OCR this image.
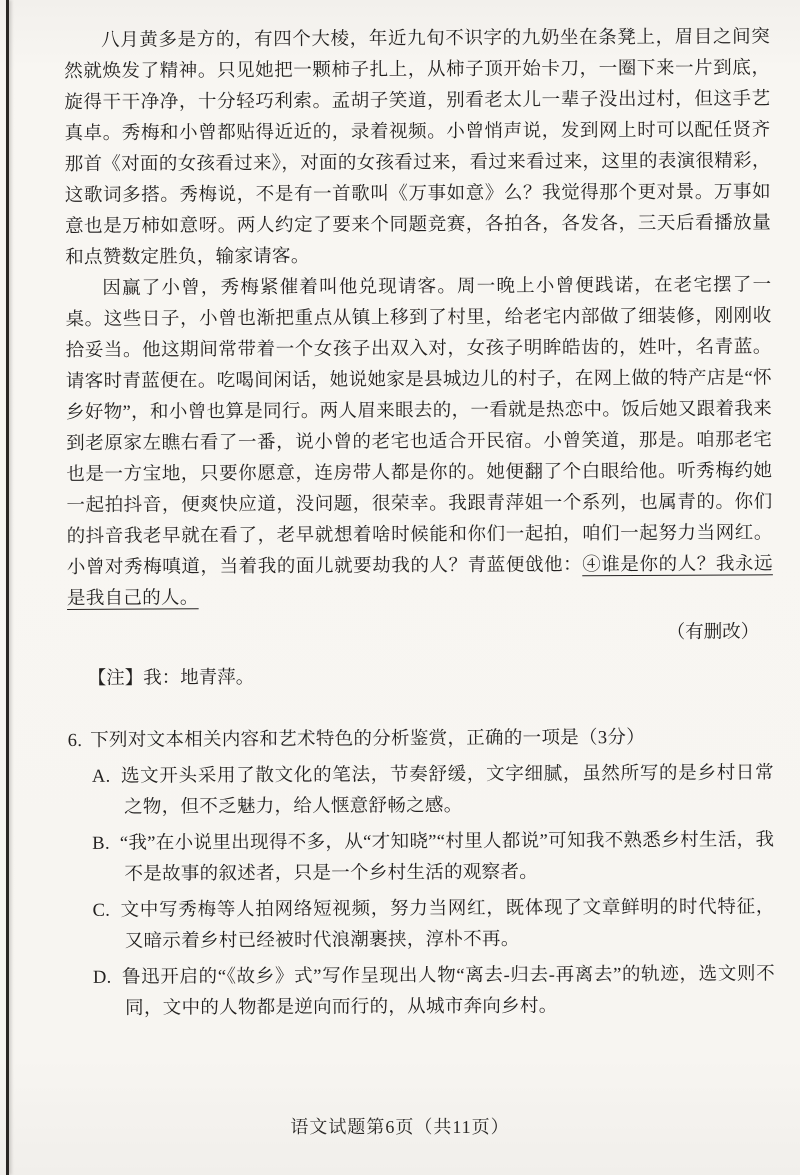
八月黄多是方的，有四个大棱，年近九旬不识字的九奶坐在条凳上，眉目之间突然就焕发了精神。只见她把一颗柿子扎上，从柿子顶开始卡刀，一圈下来一片到底，旋得干干净净，十分轻巧利索。孟胡子笑道，别看老太儿一辈子没出过村，但这手艺真卓。秀梅和小曾都贴得近近的，录着视频。小曾悄声说，发到网上时可以配任贤齐那首《对面的女孩看过来》，对面的女孩看过来，看过来看过来，这里的表演很精彩，这歌词多搭。秀梅说，不是有一首歌叫《万事如意》么？我觉得那个更对景。万事如意也是万柿如意呀。两人约定了要来个同题竞赛，各拍各，各发各，三天后看播放量和点赞数定胜负，输家请客。

因赢了小曾，秀梅紧催着叫他兑现请客。周一晚上小曾便践诺，在老宅摆了一桌。这些日子，小曾也渐把重点从镇上移到了村里，给老宅内部做了细装修，刚刚收拾妥当。他这期间常带着一个女孩子出双入对，女孩子明眸皓齿的，姓叶，名青蓝。请客时青蓝便在。吃喝间闲话，她说她家是县城边儿的村子，在网上做的特产店是“怀乡好物”，和小曾也算是同行。两人眉来眼去的，一看就是热恋中。饭后她又跟着我来到老原家左瞧右看了一番，说小曾的老宅也适合开民宿。小曾笑道，那是。咱那老宅也是一方宝地，只要你愿意，连房带人都是你的。她便翻了个白眼给他。听秀梅约她一起拍抖音，便爽快应道，没问题，很荣幸。我跟青萍姐一个系列，也属青的。你们的抖音我老早就在看了，老早就想着啥时候能和你们一起拍，咱们一起努力当网红。小曾对秀梅嗔道，当着我的面儿就要劫我的人？青蓝便戗他：④谁是你的人？我永远是我自己的人。

（有删改）

【注】我：地青萍。

6. 下列对文本相关内容和艺术特色的分析鉴赏，正确的一项是（3分）

A. 选文开头采用了散文化的笔法，节奏舒缓，文字细腻，虽然所写的是乡村日常之物，但不乏魅力，给人惬意舒畅之感。
B. “我”在小说里出现得不多，从“才知晓”“村里人都说”可知我不熟悉乡村生活，我不是故事的叙述者，只是一个乡村生活的观察者。
C. 文中写秀梅等人拍网络短视频，努力当网红，既体现了文章鲜明的时代特征，又暗示着乡村已经被时代浪潮裹挟，淳朴不再。
D. 鲁迅开启的“《故乡》式”写作呈现出人物“离去-归去-再离去”的轨迹，选文则不同，文中的人物都是逆向而行的，从城市奔向乡村。

语文试题第6页（共11页）
